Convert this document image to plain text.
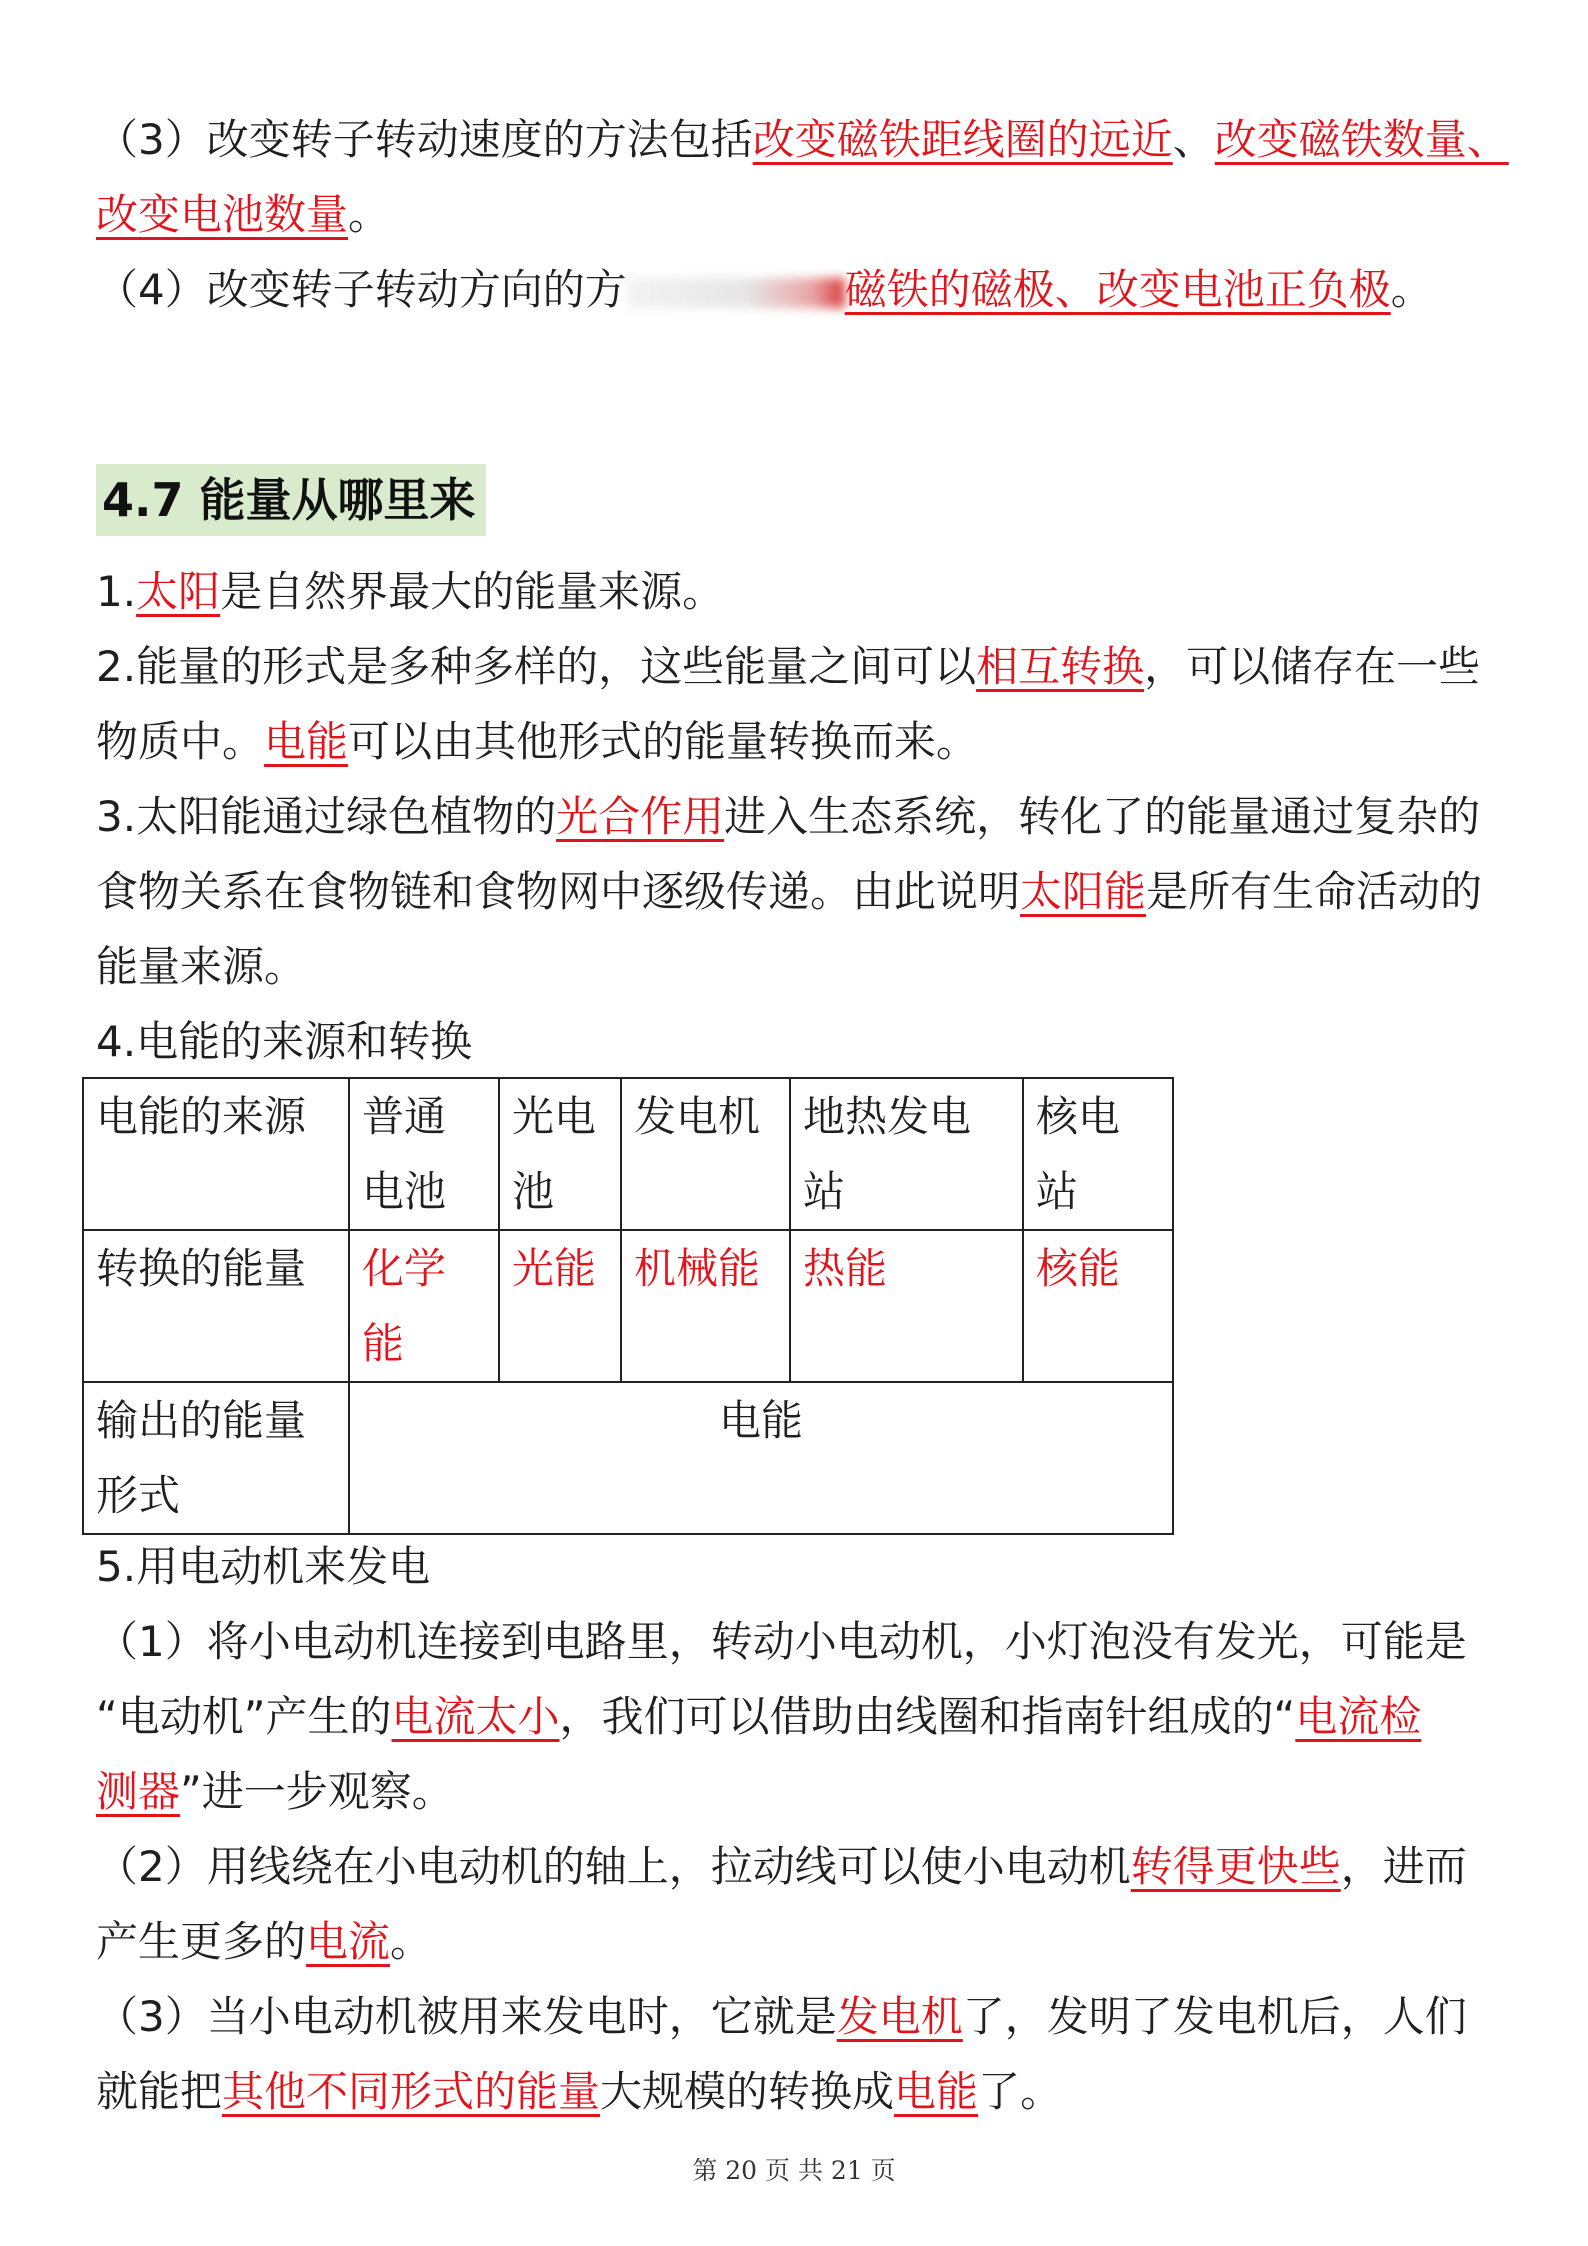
（3）改变转子转动速度的方法包括改变磁铁距线圈的远近、改变磁铁数量、
改变电池数量。
（4）改变转子转动方向的方	磁铁的磁极、改变电池正负极。
4.7 能量从哪里来
1.太阳是自然界最大的能量来源。
2.能量的形式是多种多样的，这些能量之间可以相互转换，可以储存在一些
物质中。电能可以由其他形式的能量转换而来。
3.太阳能通过绿色植物的光合作用进入生态系统，转化了的能量通过复杂的
食物关系在食物链和食物网中逐级传递。由此说明太阳能是所有生命活动的
能量来源。
4.电能的来源和转换
电能的来源	普通电池	光电池	发电机	地热发电站	核电站
转换的能量	化学能	光能	机械能	热能	核能
输出的能量形式	电能				
5.用电动机来发电
（1）将小电动机连接到电路里，转动小电动机，小灯泡没有发光，可能是
“电动机”产生的电流太小，我们可以借助由线圈和指南针组成的“电流检
测器”进一步观察。
（2）用线绕在小电动机的轴上，拉动线可以使小电动机转得更快些，进而
产生更多的电流。
（3）当小电动机被用来发电时，它就是发电机了，发明了发电机后，人们
就能把其他不同形式的能量大规模的转换成电能了。
第 20 页 共 21 页
